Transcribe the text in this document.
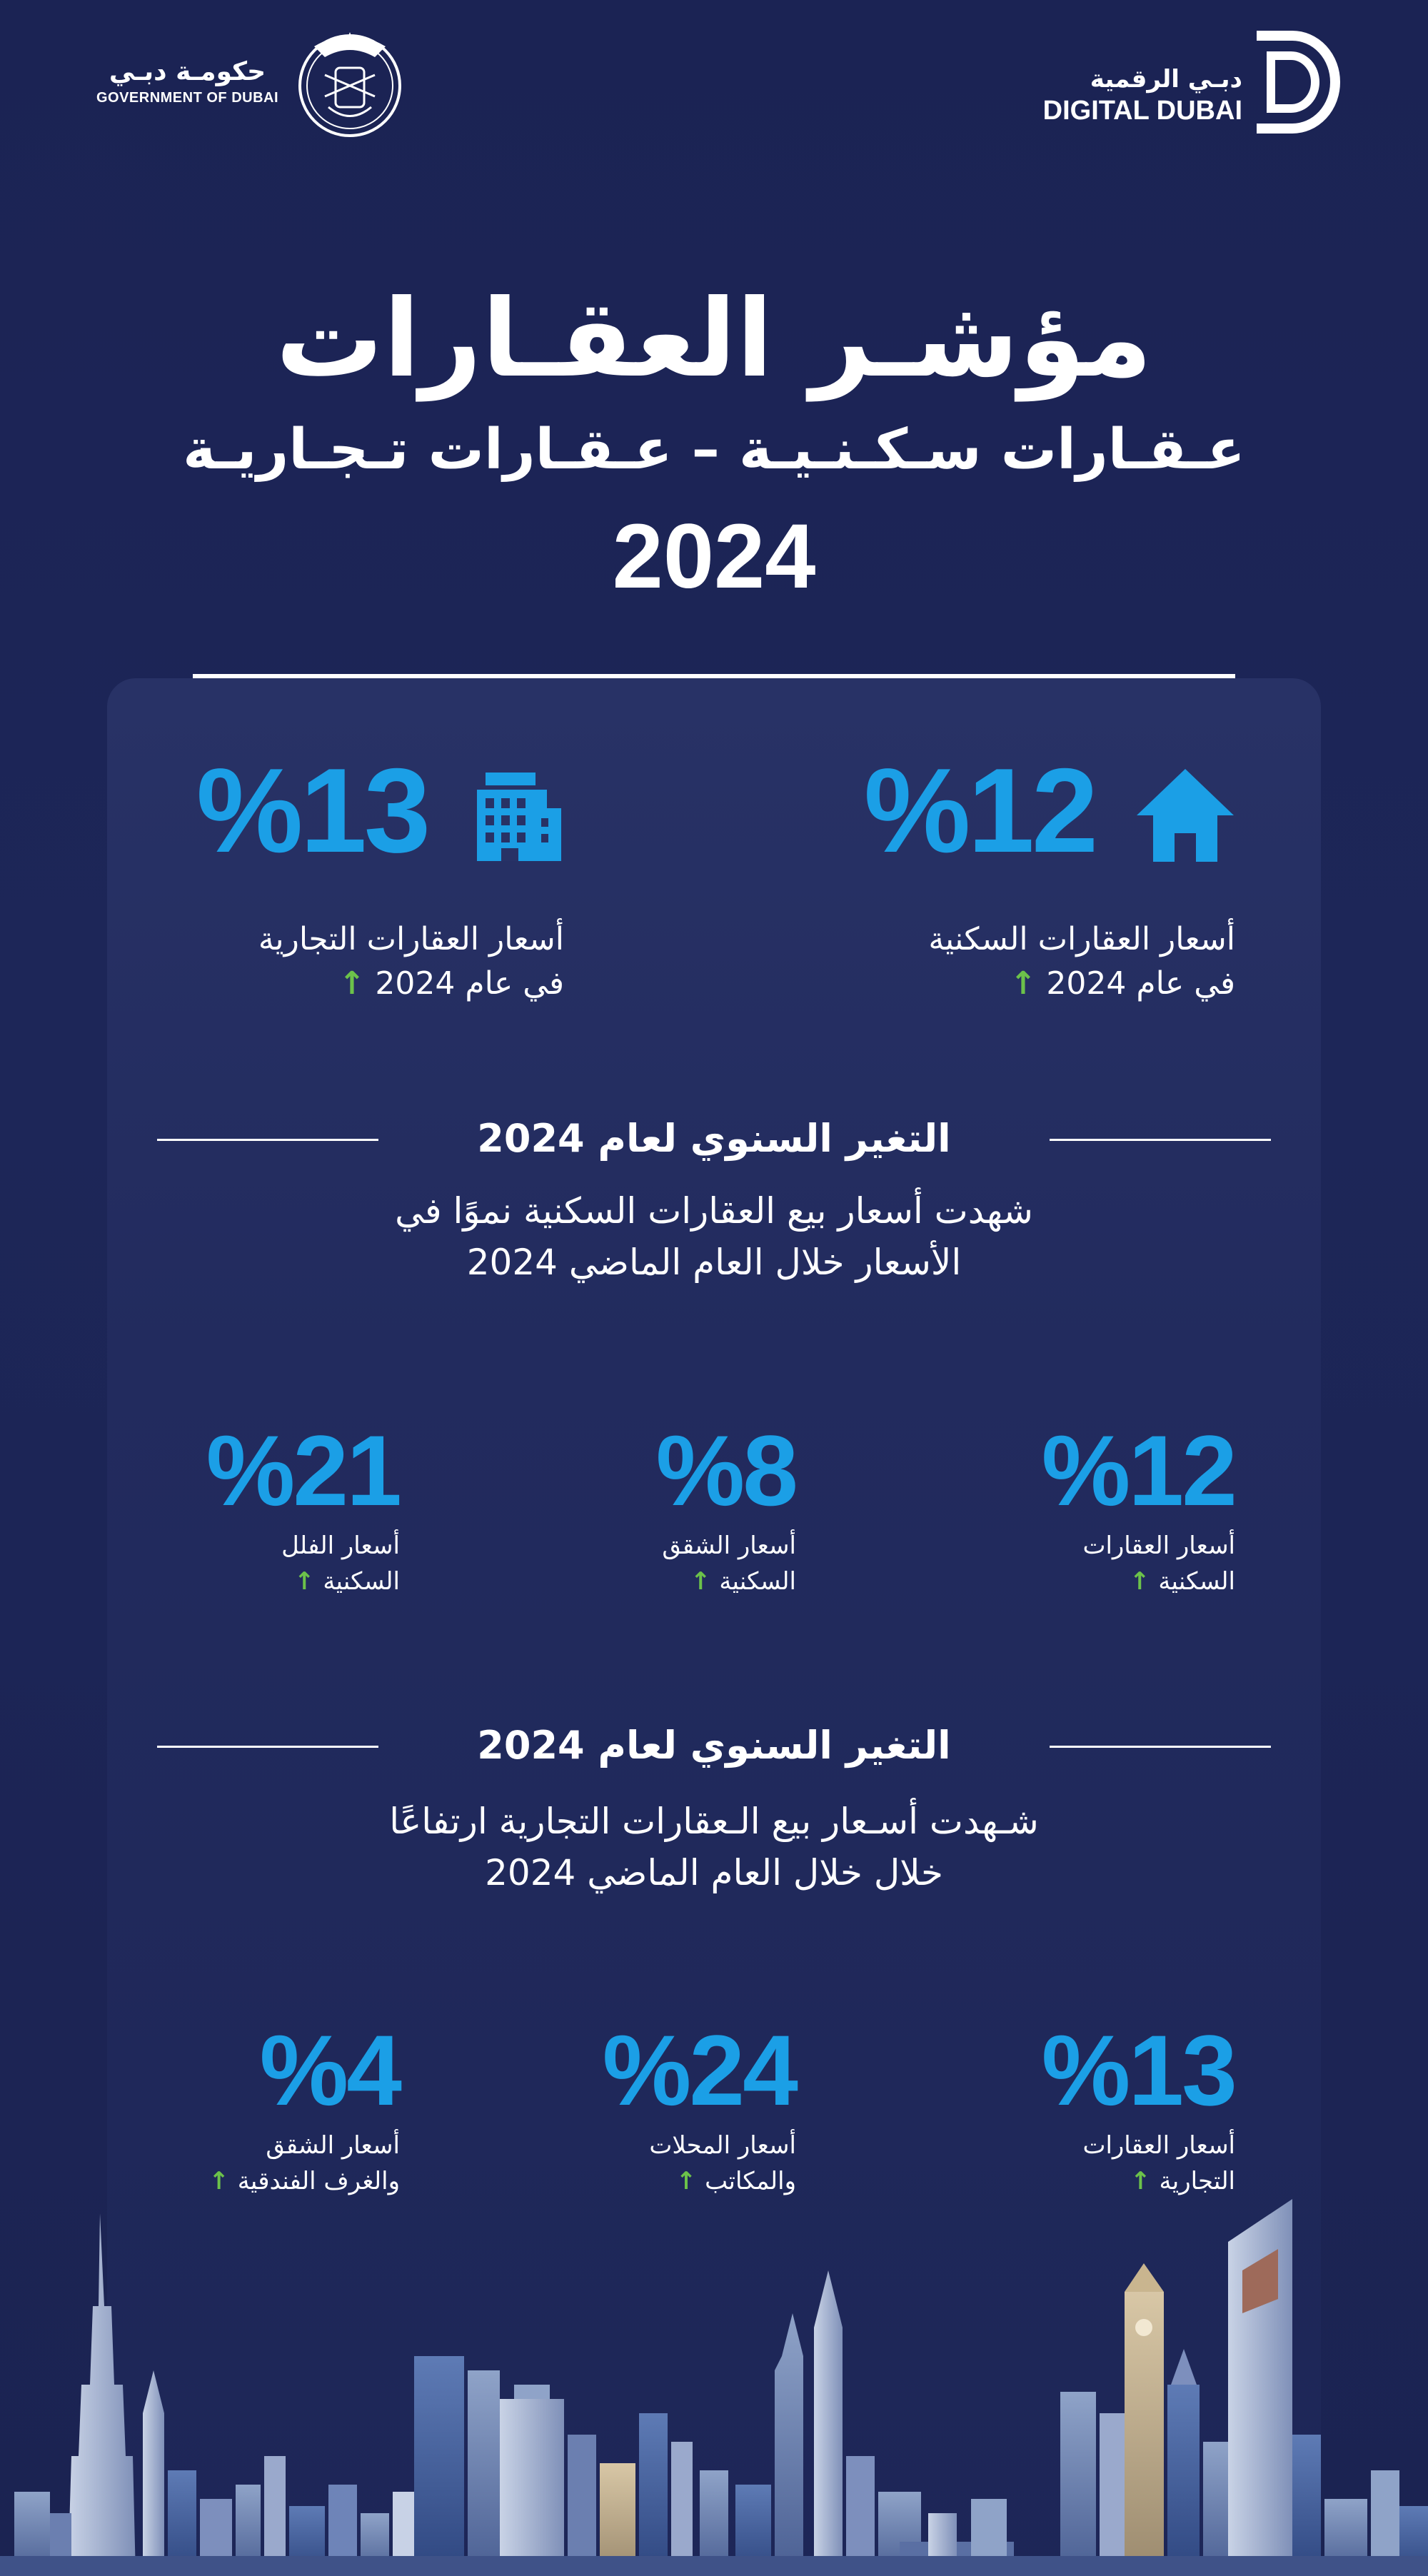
حكومـة دبـي
GOVERNMENT OF DUBAI
دبـي الرقمية
DIGITAL DUBAI
مؤشـر العقـارات
عـقـارات سـكـنـيـة – عـقـارات تـجـاريـة
2024
%12
أسعار العقارات السكنية
في عام 2024↑
%13
أسعار العقارات التجارية
في عام 2024↑
التغير السنوي لعام 2024
شهدت أسعار بيع العقارات السكنية نموًا في
الأسعار خلال العام الماضي 2024
%12
أسعار العقارات
السكنية↑
%8
أسعار الشقق
السكنية↑
%21
أسعار الفلل
السكنية↑
التغير السنوي لعام 2024
شـهدت أسـعار بيع الـعقارات التجارية ارتفاعًا
خلال خلال العام الماضي 2024
%13
أسعار العقارات
التجارية↑
%24
أسعار المحلات
والمكاتب↑
%4
أسعار الشقق
والغرف الفندقية↑
